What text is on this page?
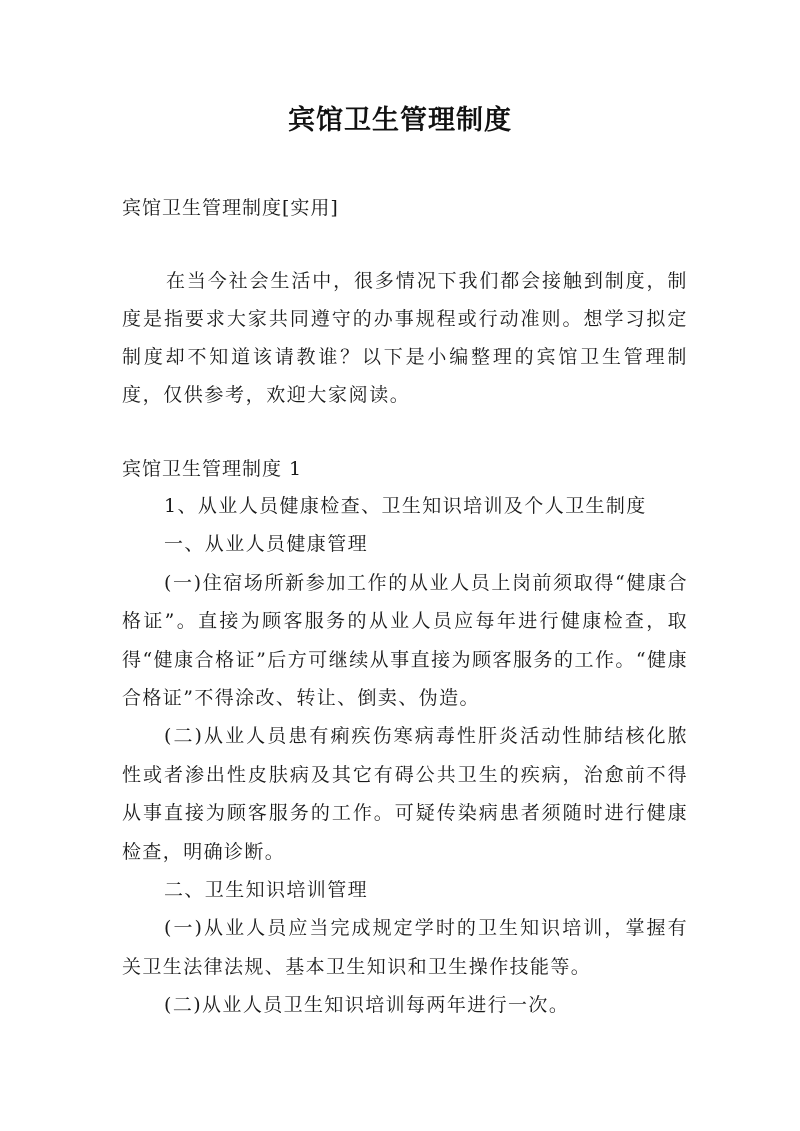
宾馆卫生管理制度
宾馆卫生管理制度[实用]

在当今社会生活中，很多情况下我们都会接触到制度，制度是指要求大家共同遵守的办事规程或行动准则。想学习拟定制度却不知道该请教谁？以下是小编整理的宾馆卫生管理制度，仅供参考，欢迎大家阅读。

宾馆卫生管理制度 1

1、从业人员健康检查、卫生知识培训及个人卫生制度

一、从业人员健康管理

(一)住宿场所新参加工作的从业人员上岗前须取得“健康合格证”。直接为顾客服务的从业人员应每年进行健康检查，取得“健康合格证”后方可继续从事直接为顾客服务的工作。“健康合格证”不得涂改、转让、倒卖、伪造。

(二)从业人员患有痢疾伤寒病毒性肝炎活动性肺结核化脓性或者渗出性皮肤病及其它有碍公共卫生的疾病，治愈前不得从事直接为顾客服务的工作。可疑传染病患者须随时进行健康检查，明确诊断。

二、卫生知识培训管理

(一)从业人员应当完成规定学时的卫生知识培训，掌握有关卫生法律法规、基本卫生知识和卫生操作技能等。

(二)从业人员卫生知识培训每两年进行一次。
